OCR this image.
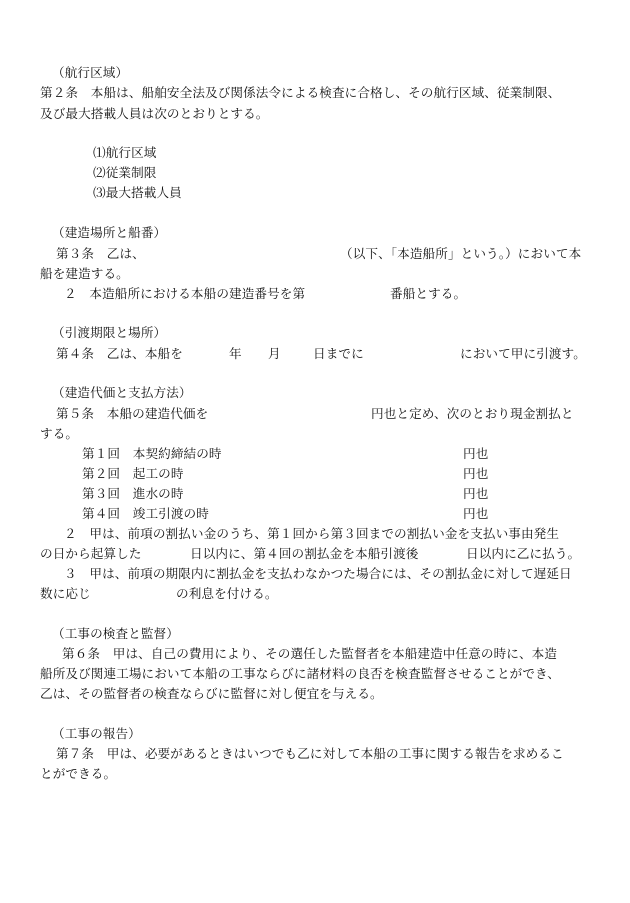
（航行区域）
第２条　本船は、船舶安全法及び関係法令による検査に合格し、その航行区域、従業制限、
及び最大搭載人員は次のとおりとする。
⑴航行区域
⑵従業制限
⑶最大搭載人員
（建造場所と船番）
第３条　乙は、	（以下、「本造船所」という。）において本
船を建造する。
２　本造船所における本船の建造番号を第	番船とする。
（引渡期限と場所）
第４条　乙は、本船を	年 月	日までに	において甲に引渡す。
（建造代価と支払方法）
第５条　本船の建造代価を	円也と定め、次のとおり現金割払と
する。
第１回　本契約締結の時	円也
第２回　起工の時	円也
第３回　進水の時	円也
第４回　竣工引渡の時	円也
２　甲は、前項の割払い金のうち、第１回から第３回までの割払い金を支払い事由発生
の日から起算した	日以内に、第４回の割払金を本船引渡後	日以内に乙に払う。
３　甲は、前項の期限内に割払金を支払わなかつた場合には、その割払金に対して遅延日
数に応じ	の利息を付ける。
（工事の検査と監督）
第６条　甲は、自己の費用により、その選任した監督者を本船建造中任意の時に、本造
船所及び関連工場において本船の工事ならびに諸材料の良否を検査監督させることができ、
乙は、その監督者の検査ならびに監督に対し便宜を与える。
（工事の報告）
第７条　甲は、必要があるときはいつでも乙に対して本船の工事に関する報告を求めるこ
とができる。
